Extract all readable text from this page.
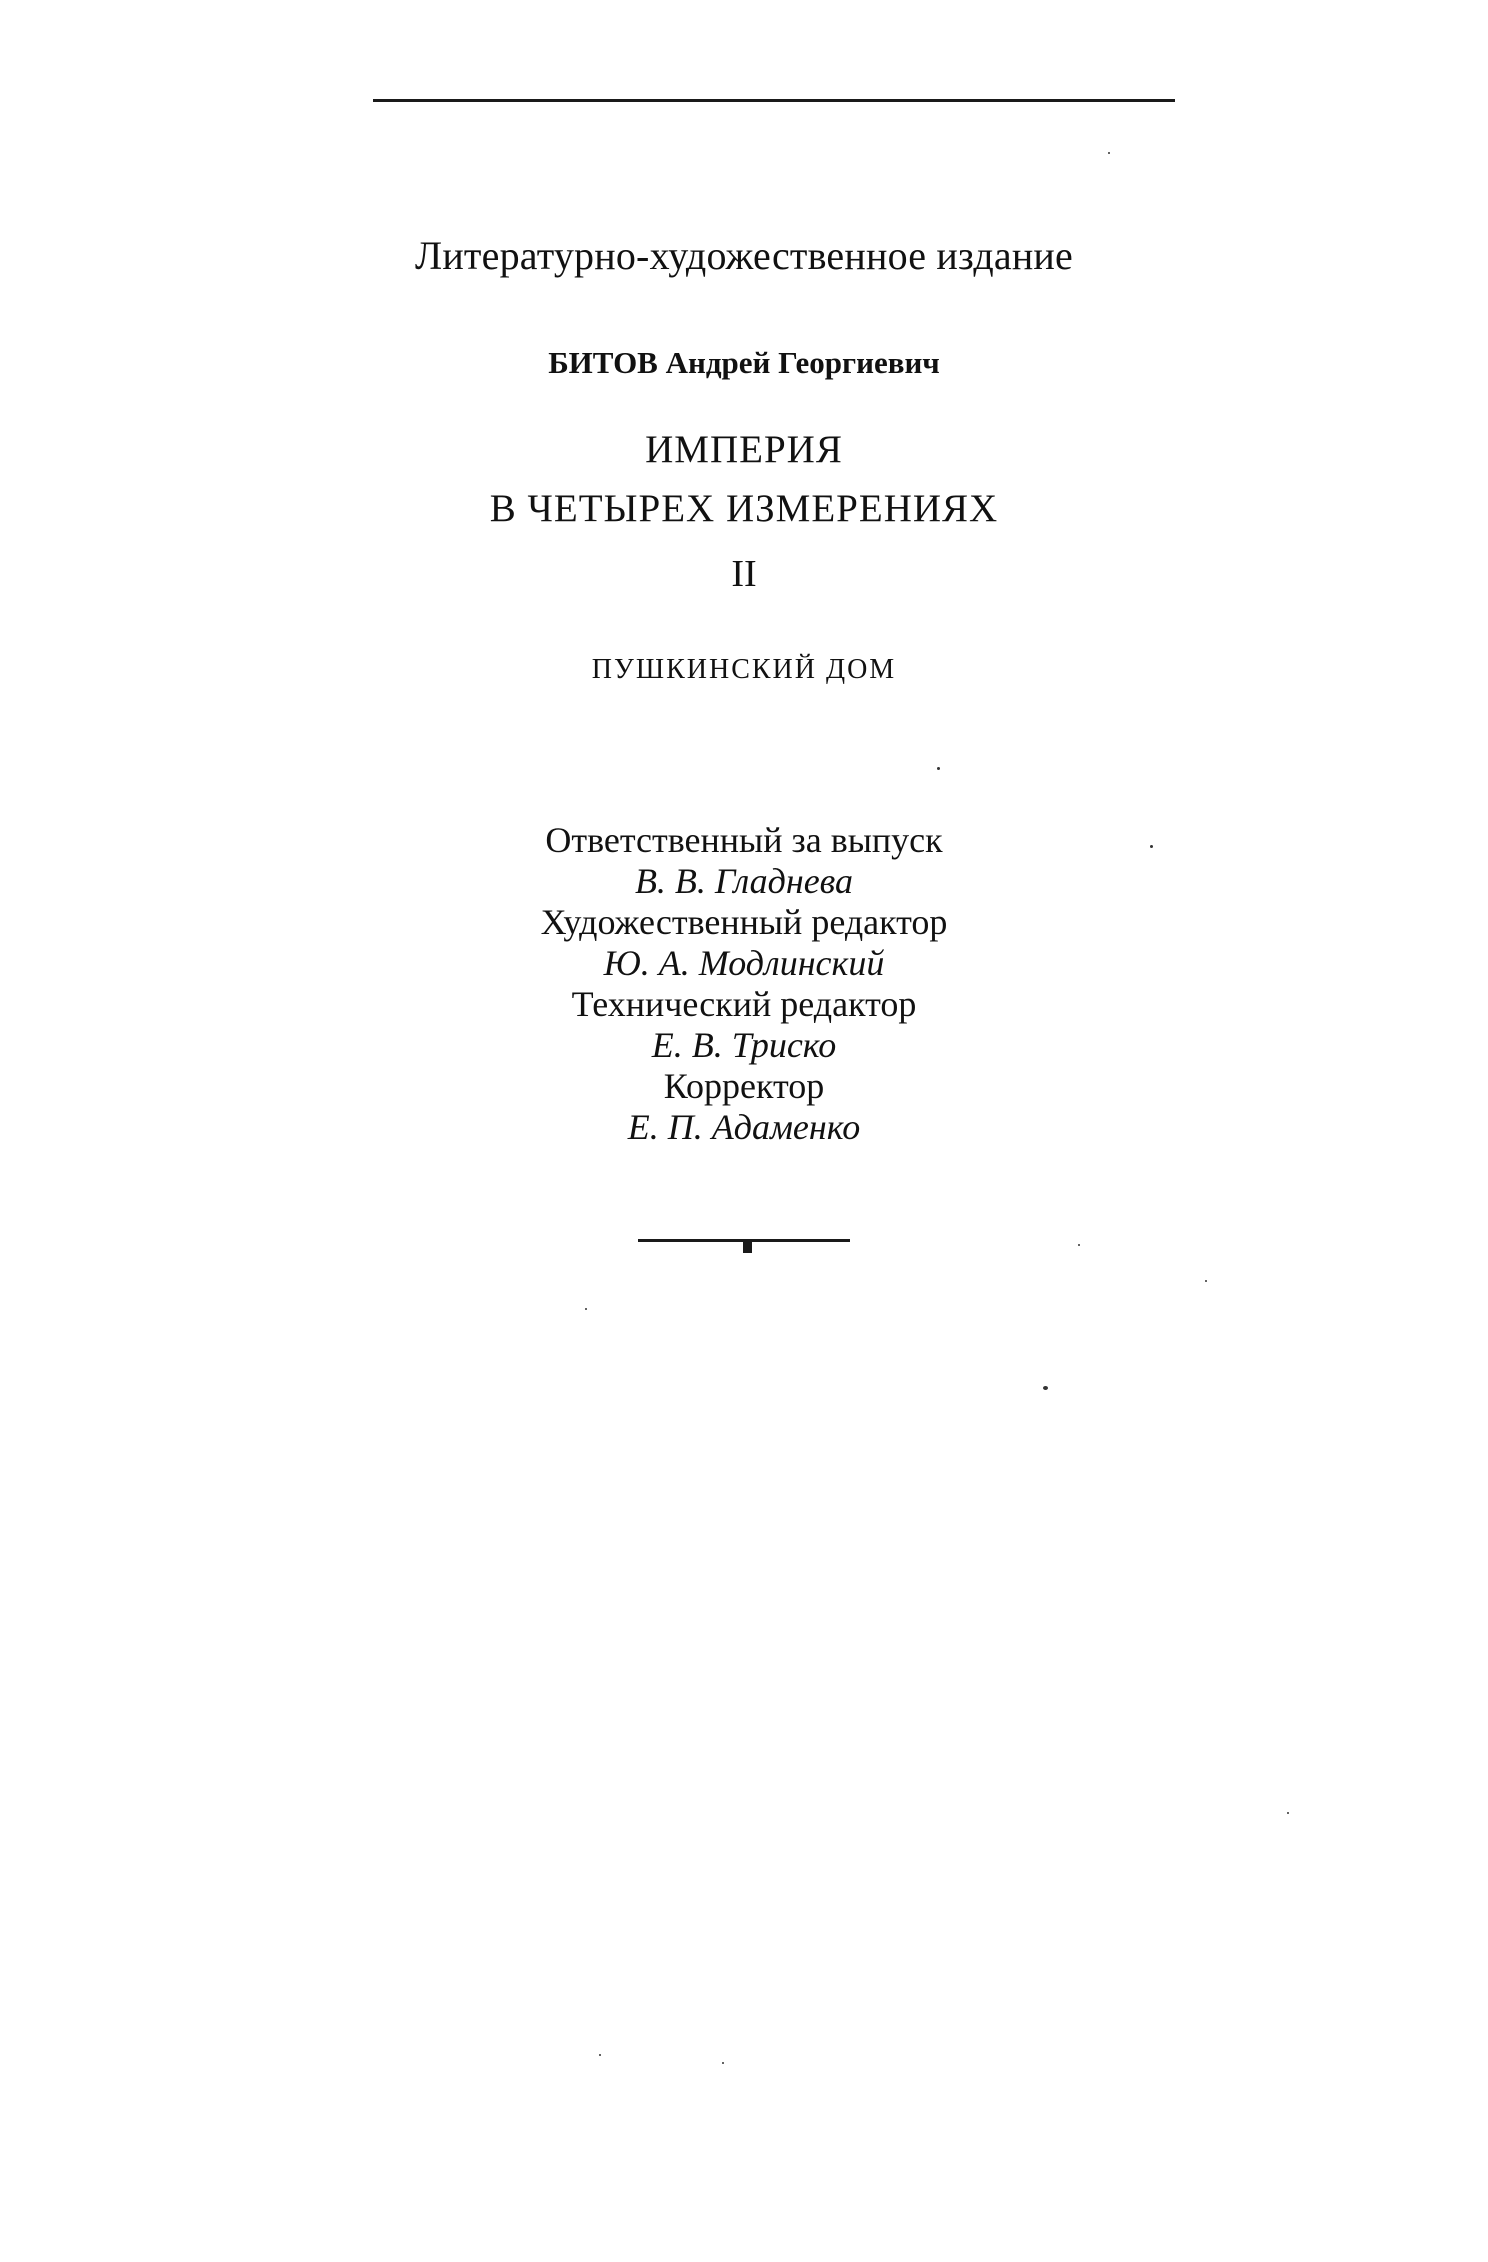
Литературно-художественное издание
БИТОВ Андрей Георгиевич
ИМПЕРИЯ
В ЧЕТЫРЕХ ИЗМЕРЕНИЯХ
II
ПУШКИНСКИЙ ДОМ
Ответственный за выпуск
В. В. Гладнева
Художественный редактор
Ю. А. Модлинский
Технический редактор
Е. В. Триско
Корректор
Е. П. Адаменко
